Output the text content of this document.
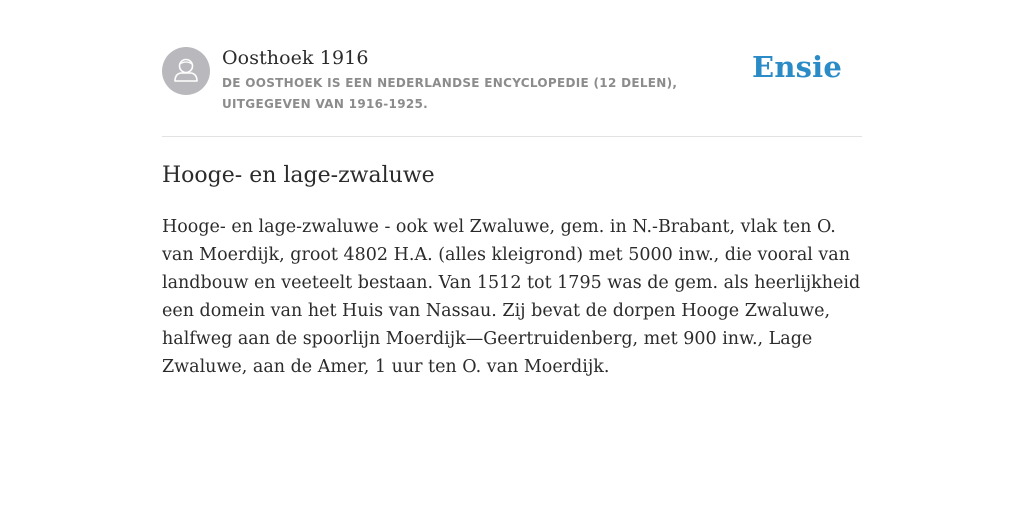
Oosthoek 1916
DE OOSTHOEK IS EEN NEDERLANDSE ENCYCLOPEDIE (12 DELEN), UITGEGEVEN VAN 1916-1925.
Ensie
Hooge- en lage-zwaluwe

Hooge- en lage-zwaluwe - ook wel Zwaluwe, gem. in N.-Brabant, vlak ten O. van Moerdijk, groot 4802 H.A. (alles kleigrond) met 5000 inw., die vooral van landbouw en veeteelt bestaan. Van 1512 tot 1795 was de gem. als heerlijkheid een domein van het Huis van Nassau. Zij bevat de dorpen Hooge Zwaluwe, halfweg aan de spoorlijn Moerdijk—Geertruidenberg, met 900 inw., Lage Zwaluwe, aan de Amer, 1 uur ten O. van Moerdijk.
